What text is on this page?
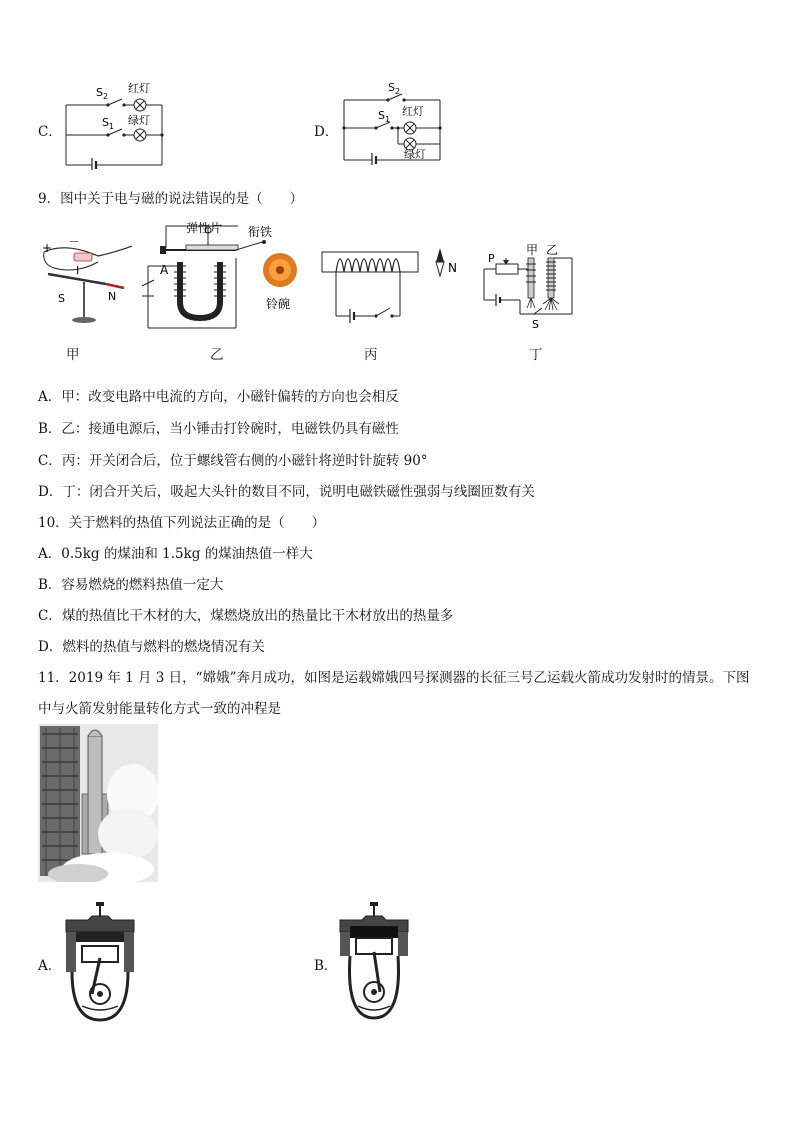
C．
$S_2$
红灯
$S_1$ 绿灯
D．
$S_2$
$S_1$
红灯
绿灯
9．图中关于电与磁的说法错误的是（　　）
+ －
I
S	N
甲
弹性片 衔铁
A
铃碗
乙
N
丙
P
甲 乙
S
丁
A．甲：改变电路中电流的方向，小磁针偏转的方向也会相反
B．乙：接通电源后，当小锤击打铃碗时，电磁铁仍具有磁性
C．丙：开关闭合后，位于螺线管右侧的小磁针将逆时针旋转 90°
D．丁：闭合开关后，吸起大头针的数目不同，说明电磁铁磁性强弱与线圈匝数有关
10．关于燃料的热值下列说法正确的是（　　）
A．0.5kg 的煤油和 1.5kg 的煤油热值一样大
B．容易燃烧的燃料热值一定大
C．煤的热值比干木材的大，煤燃烧放出的热量比干木材放出的热量多
D．燃料的热值与燃料的燃烧情况有关
11．2019 年 1 月 3 日，“嫦娥”奔月成功，如图是运载嫦娥四号探测器的长征三号乙运载火箭成功发射时的情景。下图
中与火箭发射能量转化方式一致的冲程是
A．	B．
